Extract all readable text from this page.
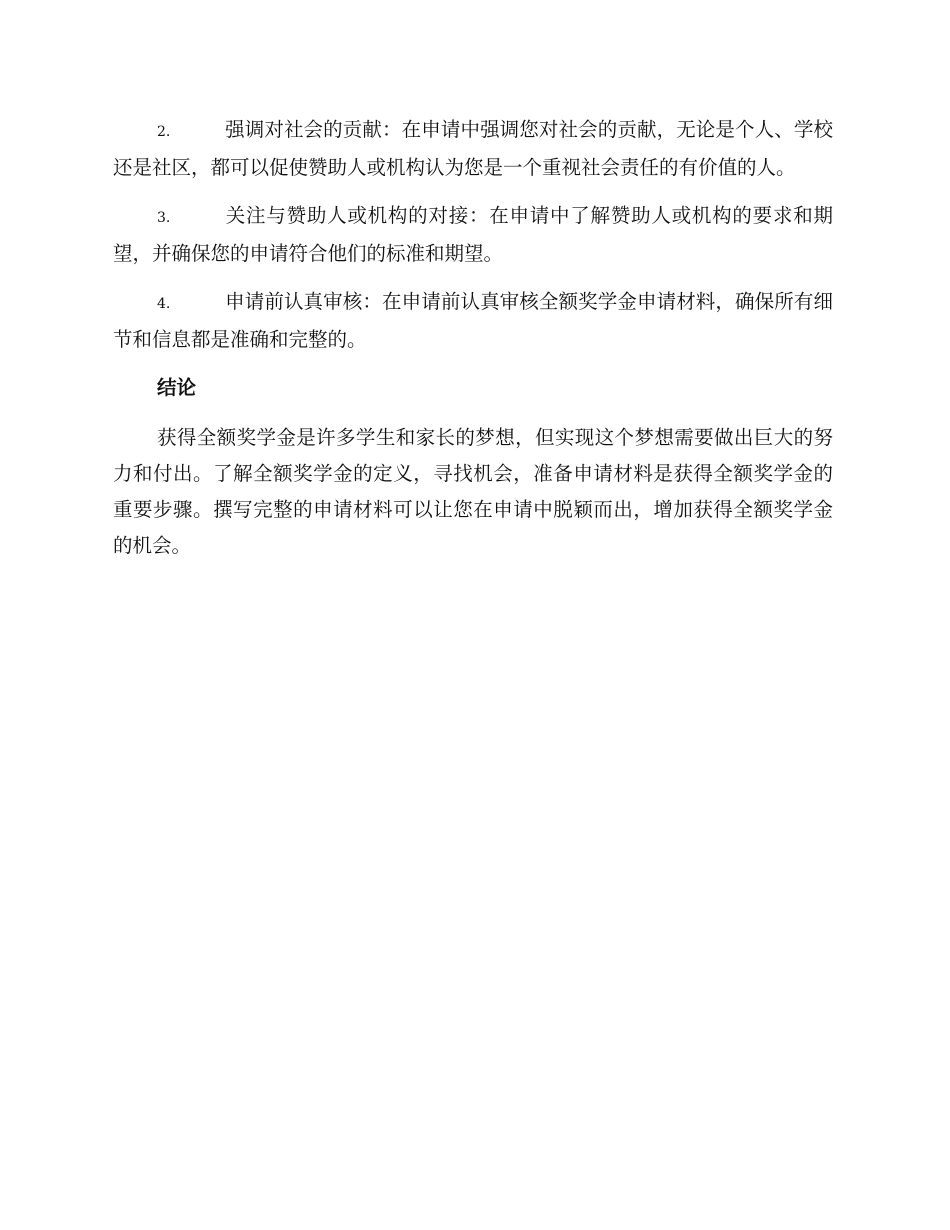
2.	强调对社会的贡献：在申请中强调您对社会的贡献，无论是个人、学校还是社区，都可以促使赞助人或机构认为您是一个重视社会责任的有价值的人。

3.	关注与赞助人或机构的对接：在申请中了解赞助人或机构的要求和期望，并确保您的申请符合他们的标准和期望。

4.	申请前认真审核：在申请前认真审核全额奖学金申请材料，确保所有细节和信息都是准确和完整的。

结论

获得全额奖学金是许多学生和家长的梦想，但实现这个梦想需要做出巨大的努力和付出。了解全额奖学金的定义，寻找机会，准备申请材料是获得全额奖学金的重要步骤。撰写完整的申请材料可以让您在申请中脱颖而出，增加获得全额奖学金的机会。
